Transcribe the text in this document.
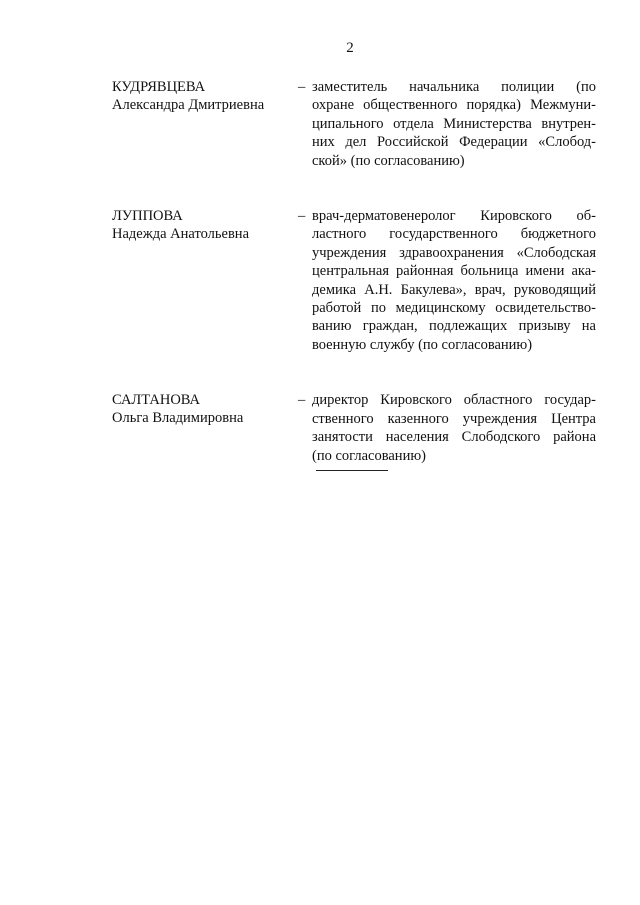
2
КУДРЯВЦЕВА
Александра Дмитриевна
– заместитель начальника полиции (по
охране общественного порядка) Межмуни-
ципального отдела Министерства внутрен-
них дел Российской Федерации «Слобод-
ской» (по согласованию)
ЛУППОВА
Надежда Анатольевна
– врач-дерматовенеролог Кировского об-
ластного государственного бюджетного
учреждения здравоохранения «Слободская
центральная районная больница имени ака-
демика А.Н. Бакулева», врач, руководящий
работой по медицинскому освидетельство-
ванию граждан, подлежащих призыву на
военную службу (по согласованию)
САЛТАНОВА
Ольга Владимировна
– директор Кировского областного государ-
ственного казенного учреждения Центра
занятости населения Слободского района
(по согласованию)
